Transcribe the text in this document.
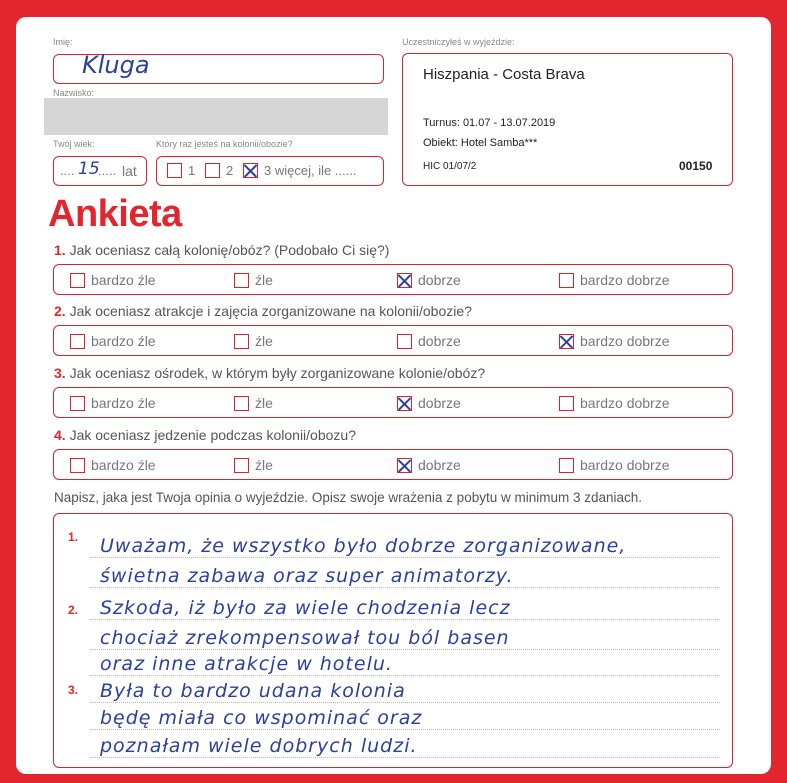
Imię:
Kluga
Nazwisko:
Twój wiek:	Który raz jesteś na kolonii/obozie?
.... 15
..... lat	1 2 3 więcej, ile ......
Uczestniczyłeś w wyjeździe:
Hiszpania - Costa Brava
Turnus: 01.07 - 13.07.2019
Obiekt: Hotel Samba***
HIC 01/07/2	00150
Ankieta
1. Jak oceniasz całą kolonię/obóz? (Podobało Ci się?)
bardzo źle	źle	dobrze	bardzo dobrze
2. Jak oceniasz atrakcje i zajęcia zorganizowane na kolonii/obozie?
bardzo źle	źle	dobrze	bardzo dobrze
3. Jak oceniasz ośrodek, w którym były zorganizowane kolonie/obóz?
bardzo źle	źle	dobrze	bardzo dobrze
4. Jak oceniasz jedzenie podczas kolonii/obozu?
bardzo źle	źle	dobrze	bardzo dobrze
Napisz, jaka jest Twoja opinia o wyjeździe. Opisz swoje wrażenia z pobytu w minimum 3 zdaniach.
Uważam, że wszystko było dobrze zorganizowane,
świetna zabawa oraz super animatorzy.
Szkoda, iż było za wiele chodzenia lecz
chociaż zrekompensował tou ból basen
oraz inne atrakcje w hotelu.
Była to bardzo udana kolonia
będę miała co wspominać oraz
poznałam wiele dobrych ludzi.
1.
2.
3.
